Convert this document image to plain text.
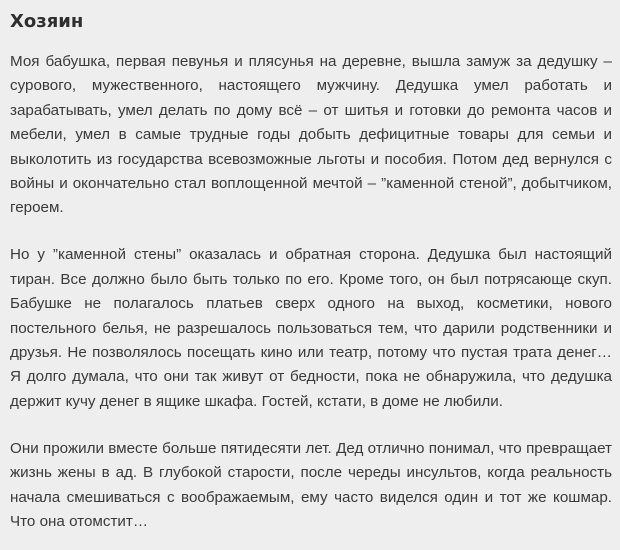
Хозяин

Моя бабушка, первая певунья и плясунья на деревне, вышла замуж за дедушку – сурового, мужественного, настоящего мужчину. Дедушка умел работать и зарабатывать, умел делать по дому всё – от шитья и готовки до ремонта часов и мебели, умел в самые трудные годы добыть дефицитные товары для семьи и выколотить из государства всевозможные льготы и пособия. Потом дед вернулся с войны и окончательно стал воплощенной мечтой – ”каменной стеной”, добытчиком, героем.

Но у ”каменной стены” оказалась и обратная сторона. Дедушка был настоящий тиран. Все должно было быть только по его. Кроме того, он был потрясающе скуп. Бабушке не полагалось платьев сверх одного на выход, косметики, нового постельного белья, не разрешалось пользоваться тем, что дарили родственники и друзья. Не позволялось посещать кино или театр, потому что пустая трата денег… Я долго думала, что они так живут от бедности, пока не обнаружила, что дедушка держит кучу денег в ящике шкафа. Гостей, кстати, в доме не любили.

Они прожили вместе больше пятидесяти лет. Дед отлично понимал, что превращает жизнь жены в ад. В глубокой старости, после череды инсультов, когда реальность начала смешиваться с воображаемым, ему часто виделся один и тот же кошмар. Что она отомстит…
